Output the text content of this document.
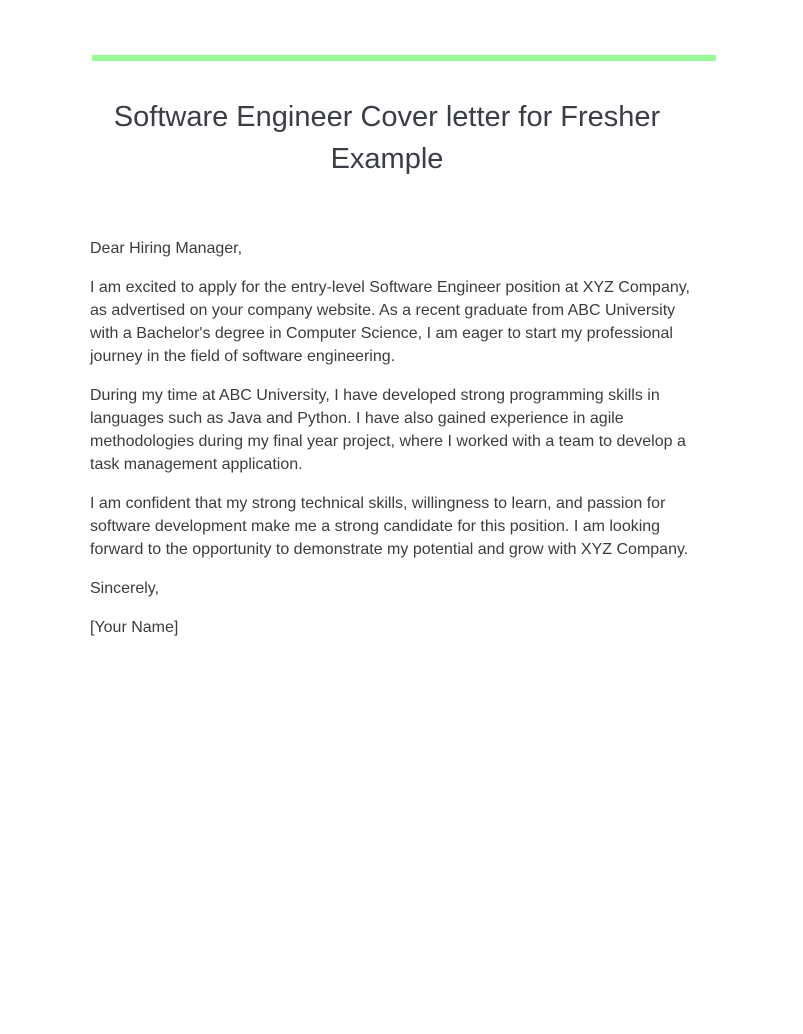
Software Engineer Cover letter for Fresher Example

Dear Hiring Manager,

I am excited to apply for the entry-level Software Engineer position at XYZ Company, as advertised on your company website. As a recent graduate from ABC University with a Bachelor's degree in Computer Science, I am eager to start my professional journey in the field of software engineering.

During my time at ABC University, I have developed strong programming skills in languages such as Java and Python. I have also gained experience in agile methodologies during my final year project, where I worked with a team to develop a task management application.

I am confident that my strong technical skills, willingness to learn, and passion for software development make me a strong candidate for this position. I am looking forward to the opportunity to demonstrate my potential and grow with XYZ Company.

Sincerely,

[Your Name]
